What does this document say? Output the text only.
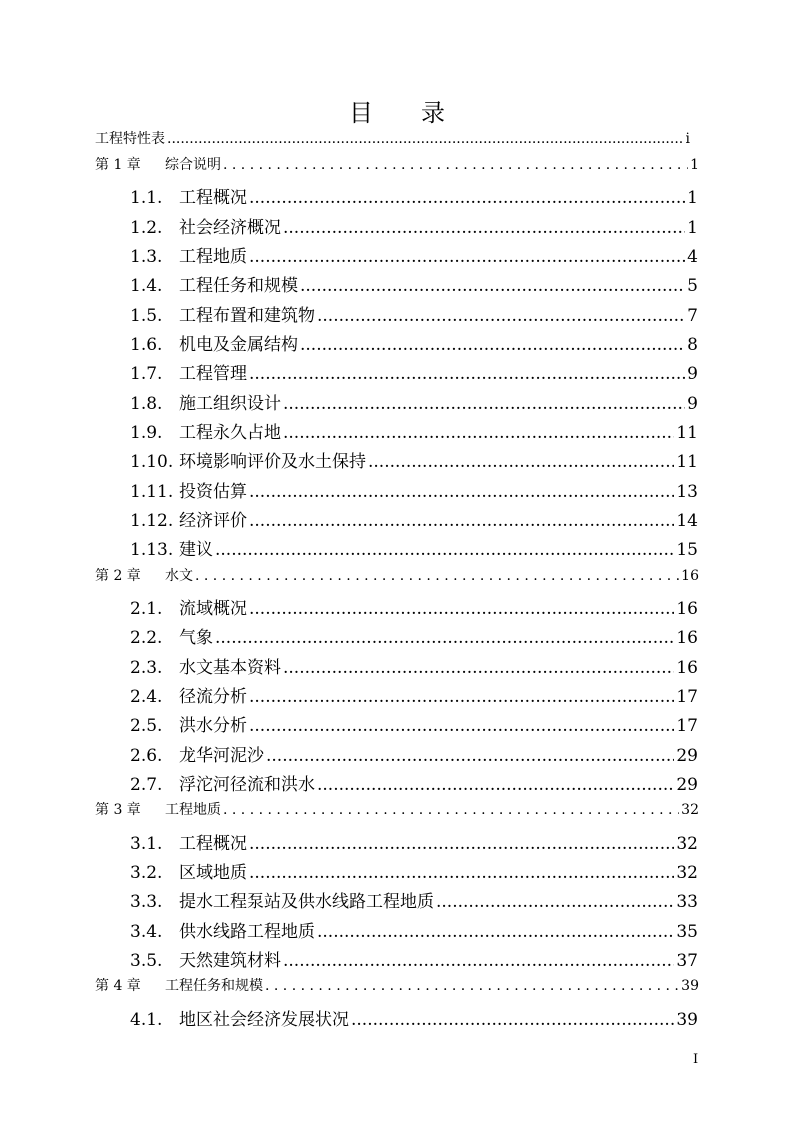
目 录
工程特性表 .....	i
第 1 章	综合说明 . . .	1
1.1. 工程概况 .....	1
1.2. 社会经济概况 .....	1
1.3. 工程地质 .....	4
1.4. 工程任务和规模 .....	5
1.5. 工程布置和建筑物 .....	7
1.6. 机电及金属结构 .....	8
1.7. 工程管理 .....	9
1.8. 施工组织设计 .....	9
1.9. 工程永久占地 .....	11
1.10. 环境影响评价及水土保持 .....	11
1.11. 投资估算 .....	13
1.12. 经济评价 .....	14
1.13. 建议 .....	15
第 2 章	水文 . . .	16
2.1. 流域概况 .....	16
2.2. 气象 .....	16
2.3. 水文基本资料 .....	16
2.4. 径流分析 .....	17
2.5. 洪水分析 .....	17
2.6. 龙华河泥沙 .....	29
2.7. 浮沱河径流和洪水 .....	29
第 3 章	工程地质 . . .	32
3.1. 工程概况 .....	32
3.2. 区域地质 .....	32
3.3. 提水工程泵站及供水线路工程地质 .....	33
3.4. 供水线路工程地质 .....	35
3.5. 天然建筑材料 .....	37
第 4 章	工程任务和规模 . . .	39
4.1. 地区社会经济发展状况 .....	39
I
